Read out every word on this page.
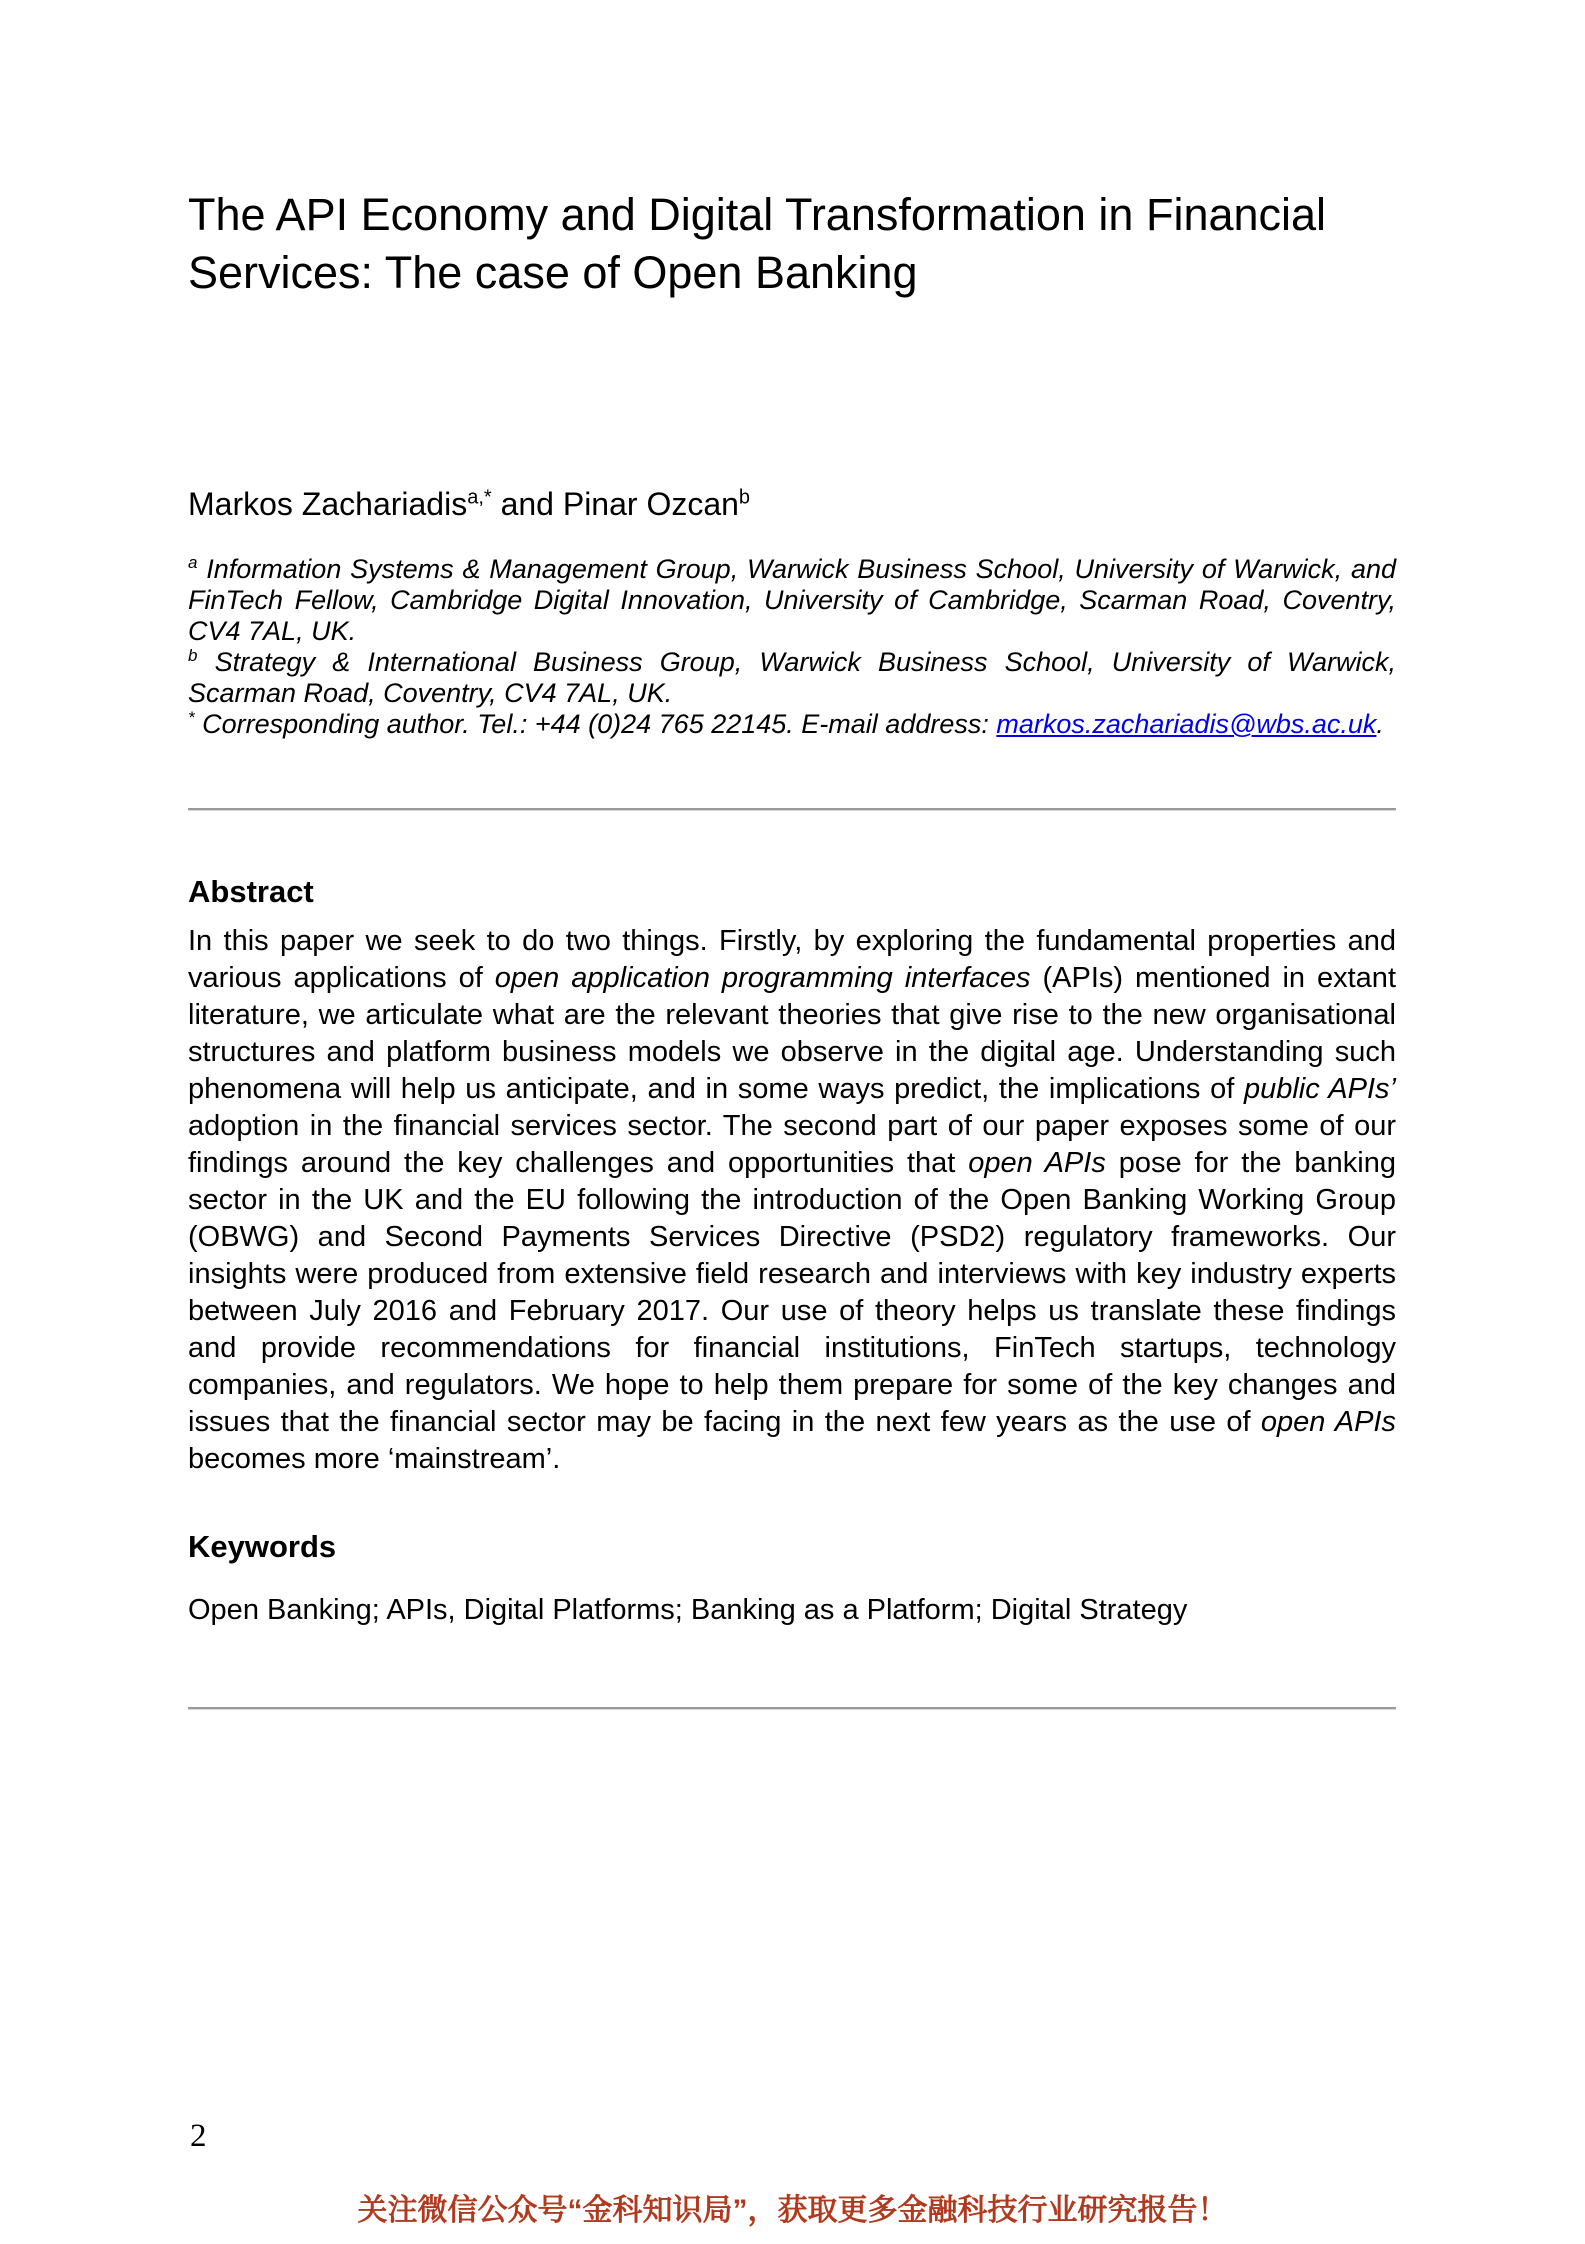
The API Economy and Digital Transformation in Financial Services: The case of Open Banking
Markos Zachariadis$^{a,*}$ and Pinar Ozcan$^b$
$^a$ Information Systems & Management Group, Warwick Business School, University of Warwick, and FinTech Fellow, Cambridge Digital Innovation, University of Cambridge, Scarman Road, Coventry, CV4 7AL, UK.
$^b$ Strategy & International Business Group, Warwick Business School, University of Warwick, Scarman Road, Coventry, CV4 7AL, UK.
* Corresponding author. Tel.: +44 (0)24 765 22145. E-mail address: markos.zachariadis@wbs.ac.uk.
Abstract

In this paper we seek to do two things. Firstly, by exploring the fundamental properties and various applications of open application programming interfaces (APIs) mentioned in extant literature, we articulate what are the relevant theories that give rise to the new organisational structures and platform business models we observe in the digital age. Understanding such phenomena will help us anticipate, and in some ways predict, the implications of public APIs’ adoption in the financial services sector. The second part of our paper exposes some of our findings around the key challenges and opportunities that open APIs pose for the banking sector in the UK and the EU following the introduction of the Open Banking Working Group (OBWG) and Second Payments Services Directive (PSD2) regulatory frameworks. Our insights were produced from extensive field research and interviews with key industry experts between July 2016 and February 2017. Our use of theory helps us translate these findings and provide recommendations for financial institutions, FinTech startups, technology companies, and regulators. We hope to help them prepare for some of the key changes and issues that the financial sector may be facing in the next few years as the use of open APIs becomes more ‘mainstream’.

Keywords

Open Banking; APIs, Digital Platforms; Banking as a Platform; Digital Strategy

2
关注微信公众号“金科知识局”，获取更多金融科技行业研究报告！
